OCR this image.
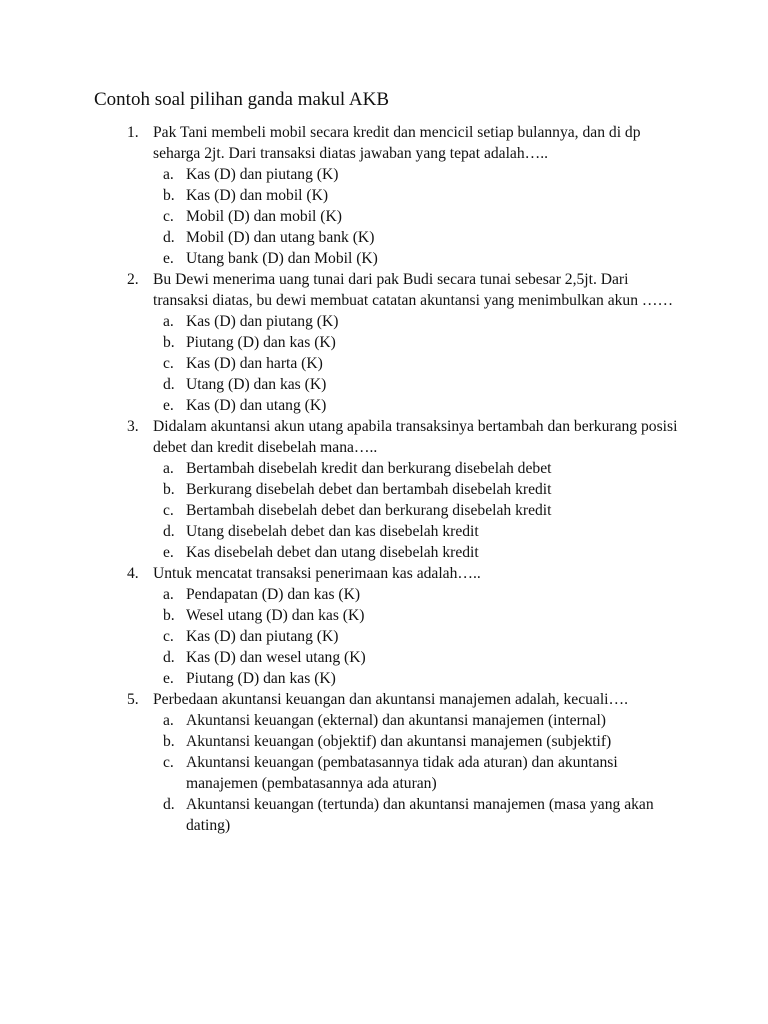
Contoh soal pilihan ganda makul AKB
1. Pak Tani membeli mobil secara kredit dan mencicil setiap bulannya, dan di dp seharga 2jt. Dari transaksi diatas jawaban yang tepat adalah…..
a. Kas (D) dan piutang (K)
b. Kas (D) dan mobil (K)
c. Mobil (D) dan mobil (K)
d. Mobil (D) dan utang bank (K)
e. Utang bank (D) dan Mobil (K)
2. Bu Dewi menerima uang tunai dari pak Budi secara tunai sebesar 2,5jt. Dari transaksi diatas, bu dewi membuat catatan akuntansi yang menimbulkan akun ……
a. Kas (D) dan piutang (K)
b. Piutang (D) dan kas (K)
c. Kas (D) dan harta (K)
d. Utang (D) dan kas (K)
e. Kas (D) dan utang (K)
3. Didalam akuntansi akun utang apabila transaksinya bertambah dan berkurang posisi debet dan kredit disebelah mana…..
a. Bertambah disebelah kredit dan berkurang disebelah debet
b. Berkurang disebelah debet dan bertambah disebelah kredit
c. Bertambah disebelah debet dan berkurang disebelah kredit
d. Utang disebelah debet dan kas disebelah kredit
e. Kas disebelah debet dan utang disebelah kredit
4. Untuk mencatat transaksi penerimaan kas adalah…..
a. Pendapatan (D) dan kas (K)
b. Wesel utang (D) dan kas (K)
c. Kas (D) dan piutang (K)
d. Kas (D) dan wesel utang (K)
e. Piutang (D) dan kas (K)
5. Perbedaan akuntansi keuangan dan akuntansi manajemen adalah, kecuali….
a. Akuntansi keuangan (ekternal) dan akuntansi manajemen (internal)
b. Akuntansi keuangan (objektif) dan akuntansi manajemen (subjektif)
c. Akuntansi keuangan (pembatasannya tidak ada aturan) dan akuntansi manajemen (pembatasannya ada aturan)
d. Akuntansi keuangan (tertunda) dan akuntansi manajemen (masa yang akan dating)
